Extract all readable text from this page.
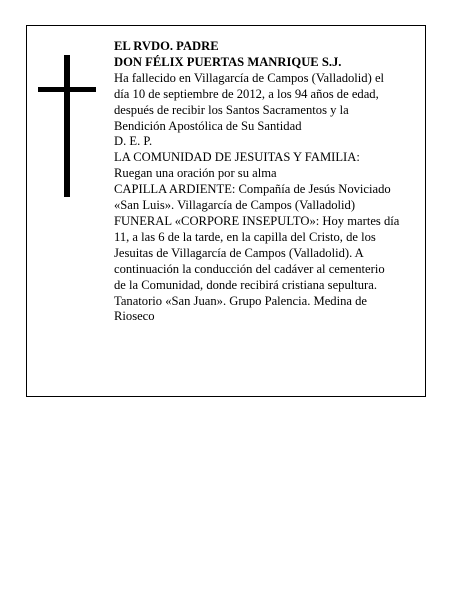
EL RVDO. PADRE
DON FÉLIX PUERTAS MANRIQUE S.J.
Ha fallecido en Villagarcía de Campos (Valladolid) el
día 10 de septiembre de 2012, a los 94 años de edad,
después de recibir los Santos Sacramentos y la
Bendición Apostólica de Su Santidad
D. E. P.
LA COMUNIDAD DE JESUITAS Y FAMILIA:
Ruegan una oración por su alma
CAPILLA ARDIENTE: Compañía de Jesús Noviciado
«San Luis». Villagarcía de Campos (Valladolid)
FUNERAL «CORPORE INSEPULTO»: Hoy martes día
11, a las 6 de la tarde, en la capilla del Cristo, de los
Jesuitas de Villagarcía de Campos (Valladolid). A
continuación la conducción del cadáver al cementerio
de la Comunidad, donde recibirá cristiana sepultura.
Tanatorio «San Juan». Grupo Palencia. Medina de
Rioseco
